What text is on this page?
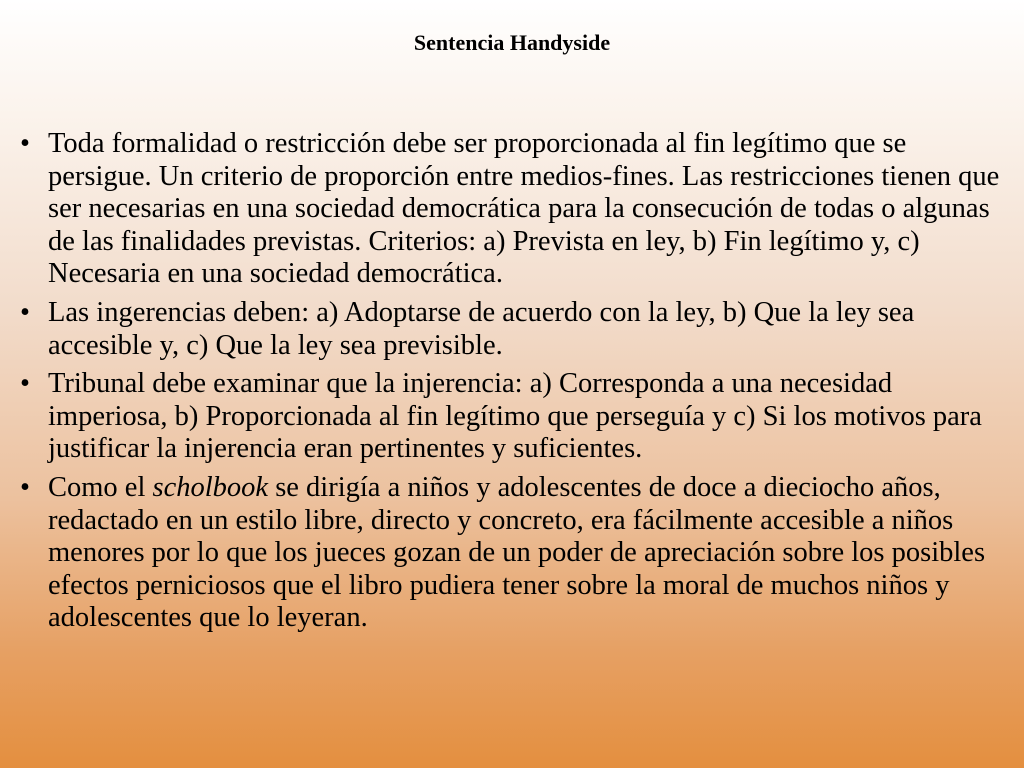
Sentencia Handyside
• Toda formalidad o restricción debe ser proporcionada al fin legítimo que se persigue. Un criterio de proporción entre medios-fines. Las restricciones tienen que ser necesarias en una sociedad democrática para la consecución de todas o algunas de las finalidades previstas. Criterios: a) Prevista en ley, b) Fin legítimo y, c) Necesaria en una sociedad democrática.
• Las ingerencias deben: a) Adoptarse de acuerdo con la ley, b) Que la ley sea accesible y, c) Que la ley sea previsible.
• Tribunal debe examinar que la injerencia: a) Corresponda a una necesidad imperiosa, b) Proporcionada al fin legítimo que perseguía y c) Si los motivos para justificar la injerencia eran pertinentes y suficientes.
• Como el scholbook se dirigía a niños y adolescentes de doce a dieciocho años, redactado en un estilo libre, directo y concreto, era fácilmente accesible a niños menores por lo que los jueces gozan de un poder de apreciación sobre los posibles efectos perniciosos que el libro pudiera tener sobre la moral de muchos niños y adolescentes que lo leyeran.
